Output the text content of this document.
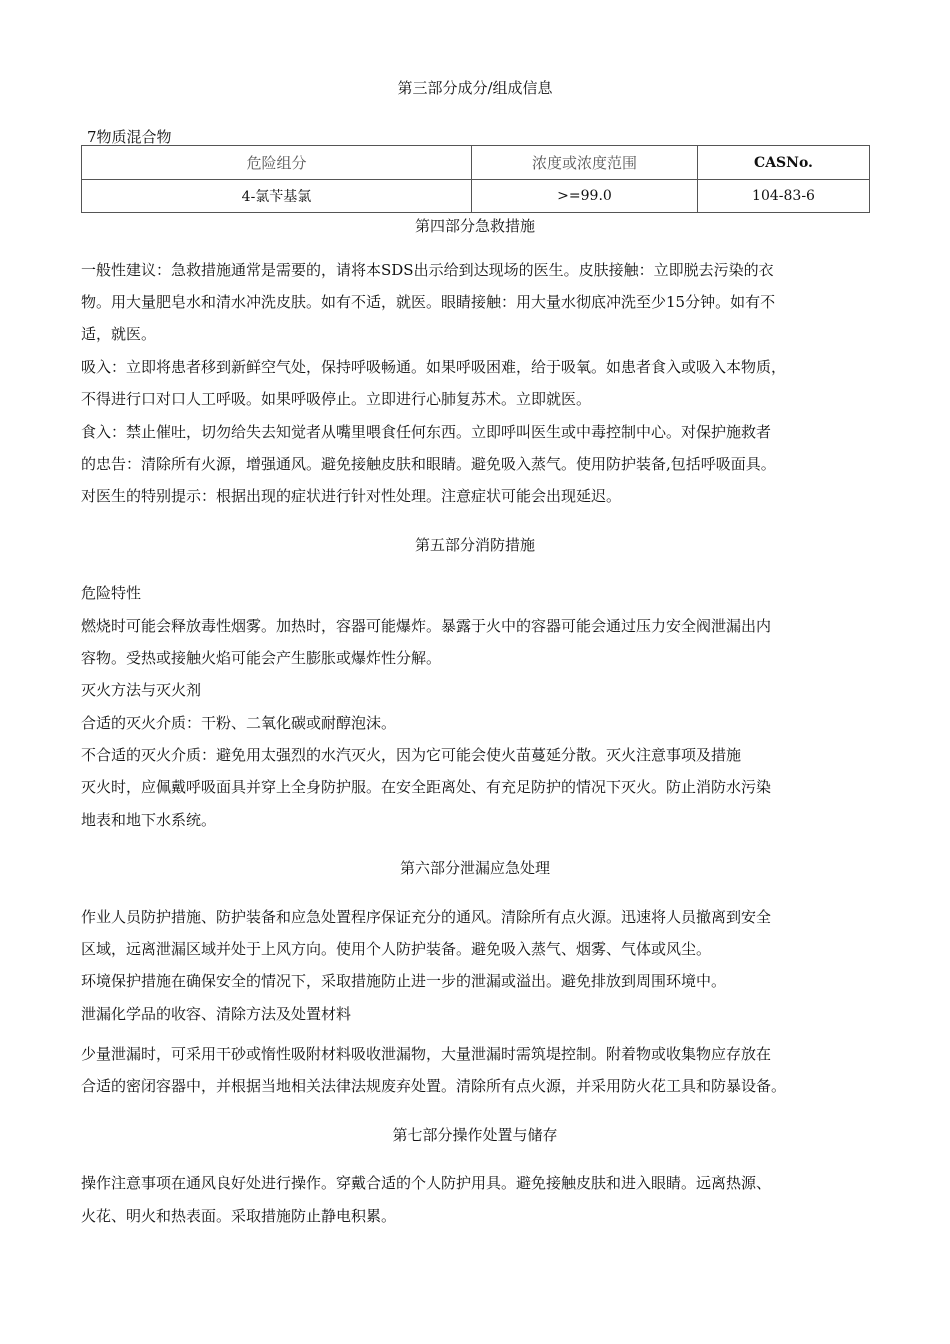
第三部分成分/组成信息
7物质混合物
危险组分	浓度或浓度范围	CASNo.
4-氯苄基氯	>=99.0	104-83-6
第四部分急救措施
一般性建议：急救措施通常是需要的，请将本SDS出示给到达现场的医生。皮肤接触：立即脱去污染的衣
物。用大量肥皂水和清水冲洗皮肤。如有不适，就医。眼睛接触：用大量水彻底冲洗至少15分钟。如有不
适，就医。
吸入：立即将患者移到新鲜空气处，保持呼吸畅通。如果呼吸困难，给于吸氧。如患者食入或吸入本物质，
不得进行口对口人工呼吸。如果呼吸停止。立即进行心肺复苏术。立即就医。
食入：禁止催吐，切勿给失去知觉者从嘴里喂食任何东西。立即呼叫医生或中毒控制中心。对保护施救者
的忠告：清除所有火源，增强通风。避免接触皮肤和眼睛。避免吸入蒸气。使用防护装备,包括呼吸面具。
对医生的特别提示：根据出现的症状进行针对性处理。注意症状可能会出现延迟。
第五部分消防措施
危险特性
燃烧时可能会释放毒性烟雾。加热时，容器可能爆炸。暴露于火中的容器可能会通过压力安全阀泄漏出内
容物。受热或接触火焰可能会产生膨胀或爆炸性分解。
灭火方法与灭火剂
合适的灭火介质：干粉、二氧化碳或耐醇泡沫。
不合适的灭火介质：避免用太强烈的水汽灭火，因为它可能会使火苗蔓延分散。灭火注意事项及措施
灭火时，应佩戴呼吸面具并穿上全身防护服。在安全距离处、有充足防护的情况下灭火。防止消防水污染
地表和地下水系统。
第六部分泄漏应急处理
作业人员防护措施、防护装备和应急处置程序保证充分的通风。清除所有点火源。迅速将人员撤离到安全
区域，远离泄漏区域并处于上风方向。使用个人防护装备。避免吸入蒸气、烟雾、气体或风尘。
环境保护措施在确保安全的情况下，采取措施防止进一步的泄漏或溢出。避免排放到周围环境中。
泄漏化学品的收容、清除方法及处置材料
少量泄漏时，可采用干砂或惰性吸附材料吸收泄漏物，大量泄漏时需筑堤控制。附着物或收集物应存放在
合适的密闭容器中，并根据当地相关法律法规废弃处置。清除所有点火源，并采用防火花工具和防暴设备。
第七部分操作处置与储存
操作注意事项在通风良好处进行操作。穿戴合适的个人防护用具。避免接触皮肤和进入眼睛。远离热源、
火花、明火和热表面。采取措施防止静电积累。
